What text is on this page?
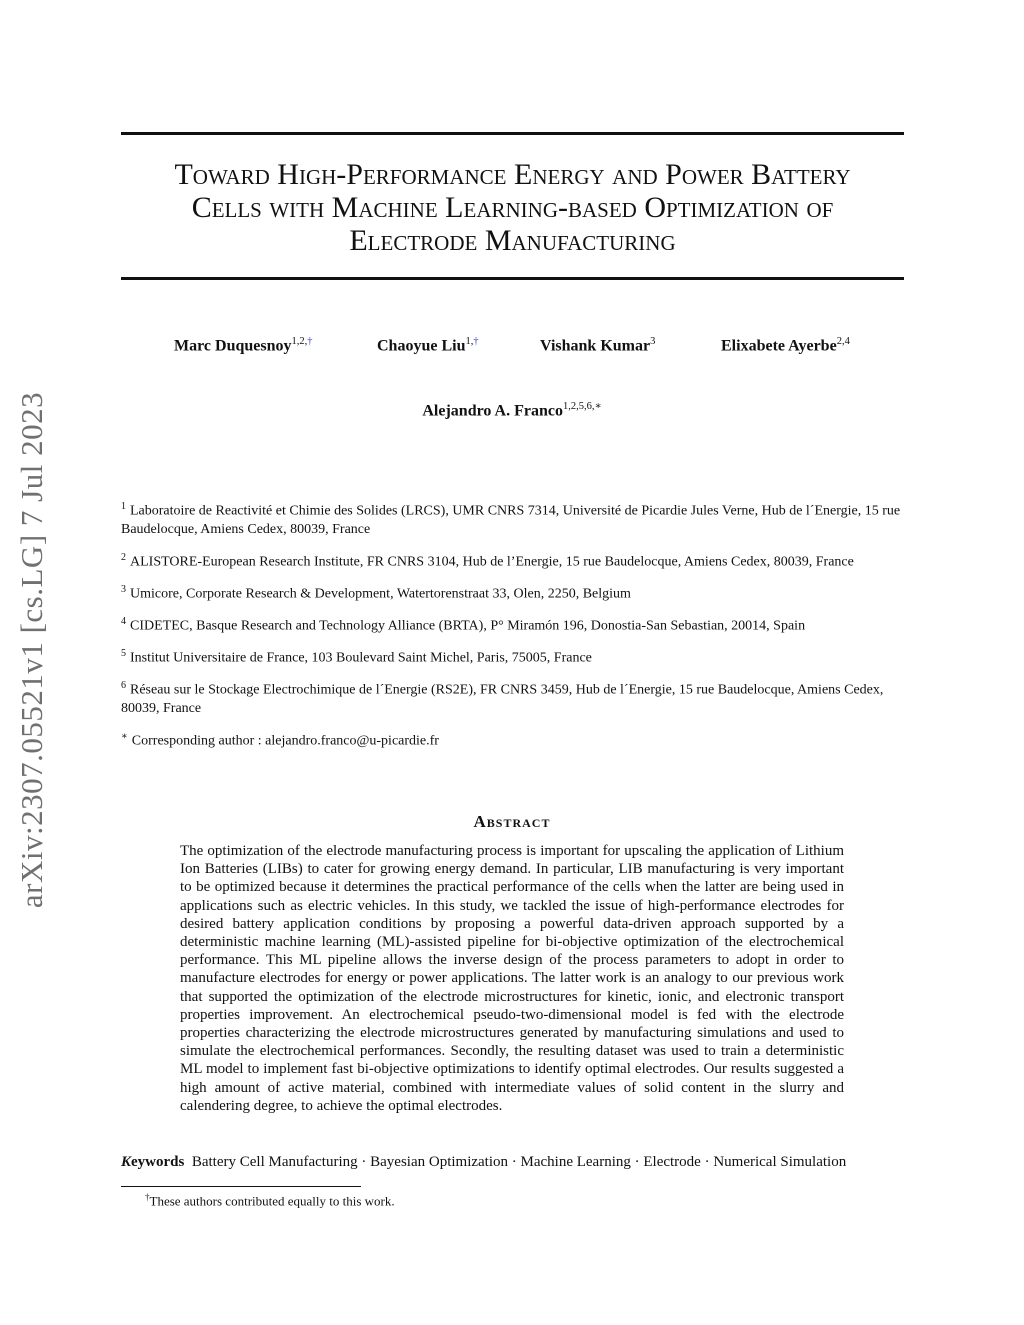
arXiv:2307.05521v1 [cs.LG] 7 Jul 2023
Toward High-Performance Energy and Power Battery
Cells with Machine Learning-based Optimization of
Electrode Manufacturing
Marc Duquesnoy$^{1,2,\dagger}$	Chaoyue Liu$^{1,\dagger}$	Vishank Kumar$^3$	Elixabete Ayerbe$^{2,4}$
Alejandro A. Franco$^{1,2,5,6,∗}$

$^1$ Laboratoire de Reactivité et Chimie des Solides (LRCS), UMR CNRS 7314, Université de Picardie Jules Verne, Hub de l´Energie, 15 rue Baudelocque, Amiens Cedex, 80039, France

$^2$ ALISTORE-European Research Institute, FR CNRS 3104, Hub de l’Energie, 15 rue Baudelocque, Amiens Cedex, 80039, France

$^3$ Umicore, Corporate Research & Development, Watertorenstraat 33, Olen, 2250, Belgium

$^4$ CIDETEC, Basque Research and Technology Alliance (BRTA), P° Miramón 196, Donostia-San Sebastian, 20014, Spain

$^5$ Institut Universitaire de France, 103 Boulevard Saint Michel, Paris, 75005, France

$^6$ Réseau sur le Stockage Electrochimique de l´Energie (RS2E), FR CNRS 3459, Hub de l´Energie, 15 rue Baudelocque, Amiens Cedex, 80039, France

∗ Corresponding author : alejandro.franco@u-picardie.fr

Abstract

The optimization of the electrode manufacturing process is important for upscaling the application of Lithium Ion Batteries (LIBs) to cater for growing energy demand. In particular, LIB manufacturing is very important to be optimized because it determines the practical performance of the cells when the latter are being used in applications such as electric vehicles. In this study, we tackled the issue of high-performance electrodes for desired battery application conditions by proposing a powerful data-driven approach supported by a deterministic machine learning (ML)-assisted pipeline for bi-objective optimization of the electrochemical performance. This ML pipeline allows the inverse design of the process parameters to adopt in order to manufacture electrodes for energy or power applications. The latter work is an analogy to our previous work that supported the optimization of the electrode microstructures for kinetic, ionic, and electronic transport properties improvement. An electrochemical pseudo-two-dimensional model is fed with the electrode properties characterizing the electrode microstructures generated by manufacturing simulations and used to simulate the electrochemical performances. Secondly, the resulting dataset was used to train a deterministic ML model to implement fast bi-objective optimizations to identify optimal electrodes. Our results suggested a high amount of active material, combined with intermediate values of solid content in the slurry and calendering degree, to achieve the optimal electrodes.

Keywords Battery Cell Manufacturing · Bayesian Optimization · Machine Learning · Electrode · Numerical Simulation
†These authors contributed equally to this work.
